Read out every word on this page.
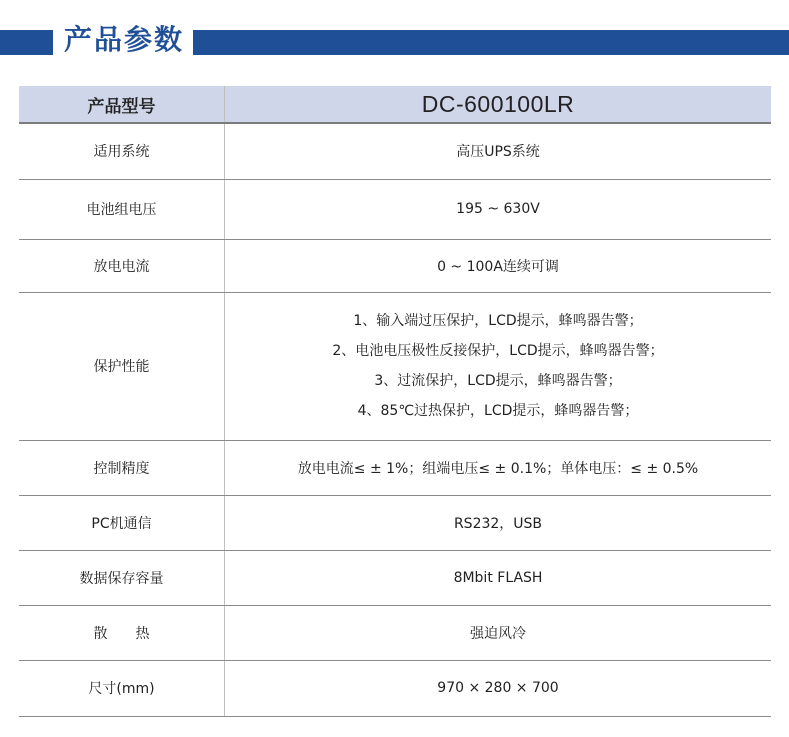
产品参数
产品型号	DC-600100LR
适用系统	高压UPS系统
电池组电压	195 ~ 630V
放电电流	0 ~ 100A连续可调
保护性能	1、输入端过压保护，LCD提示，蜂鸣器告警；
2、电池电压极性反接保护，LCD提示，蜂鸣器告警；
3、过流保护，LCD提示，蜂鸣器告警；
4、85℃过热保护，LCD提示，蜂鸣器告警；

控制精度	放电电流≤ ± 1%；组端电压≤ ± 0.1%；单体电压：≤ ± 0.5%
PC机通信	RS232，USB
数据保存容量	8Mbit FLASH
散　　热	强迫风冷
尺寸(mm)	970 × 280 × 700
